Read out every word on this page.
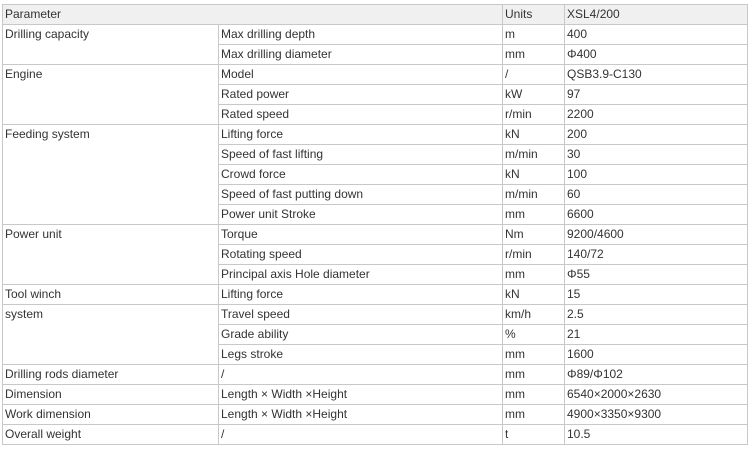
Parameter		Units	XSL4/200
Drilling capacity	Max drilling depth	m	400
	Max drilling diameter	mm	Φ400
Engine	Model	/	QSB3.9-C130
	Rated power	kW	97
	Rated speed	r/min	2200
Feeding system	Lifting force	kN	200
	Speed of fast lifting	m/min	30
	Crowd force	kN	100
	Speed of fast putting down	m/min	60
	Power unit Stroke	mm	6600
Power unit	Torque	Nm	9200/4600
	Rotating speed	r/min	140/72
	Principal axis Hole diameter	mm	Φ55
Tool winch	Lifting force	kN	15
system	Travel speed	km/h	2.5
	Grade ability	%	21
	Legs stroke	mm	1600
Drilling rods diameter	/	mm	Φ89/Φ102
Dimension	Length × Width ×Height	mm	6540×2000×2630
Work dimension	Length × Width ×Height	mm	4900×3350×9300
Overall weight	/	t	10.5
